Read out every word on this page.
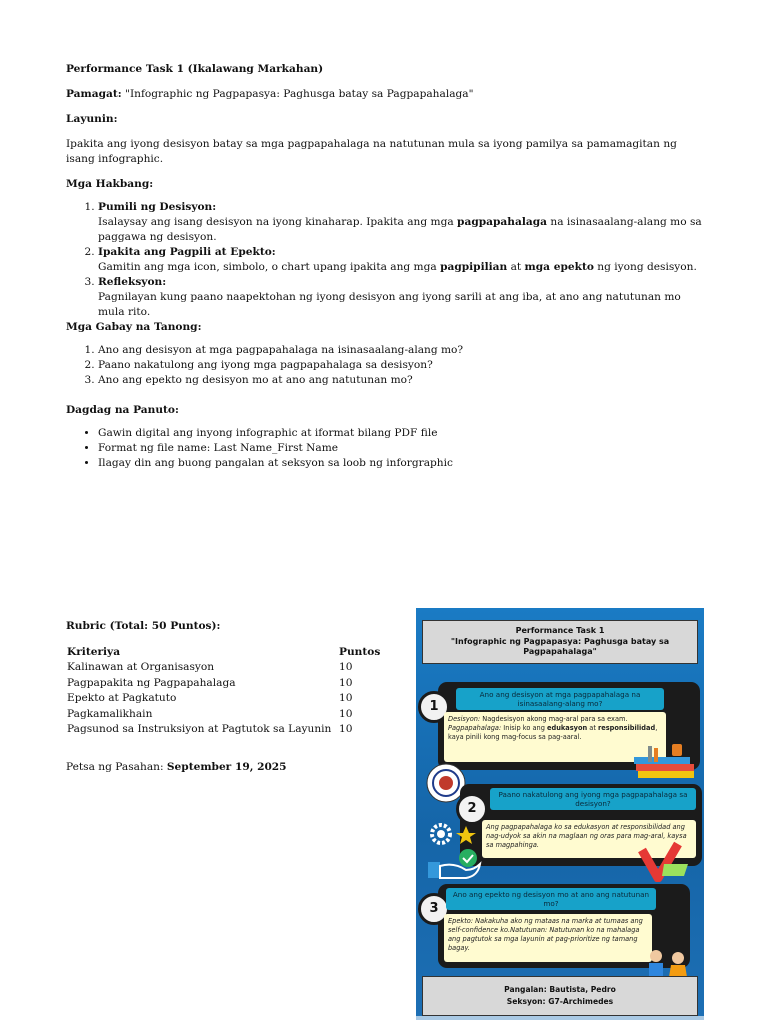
Performance Task 1 (Ikalawang Markahan)

Pamagat: "Infographic ng Pagpapasya: Paghusga batay sa Pagpapahalaga"

Layunin:

Ipakita ang iyong desisyon batay sa mga pagpapahalaga na natutunan mula sa iyong pamilya sa pamamagitan ng isang infographic.

Mga Hakbang:

1. Pumili ng Desisyon:
Isalaysay ang isang desisyon na iyong kinaharap. Ipakita ang mga pagpapahalaga na isinasaalang-alang mo sa paggawa ng desisyon.
2. Ipakita ang Pagpili at Epekto:
Gamitin ang mga icon, simbolo, o chart upang ipakita ang mga pagpipilian at mga epekto ng iyong desisyon.
3. Refleksyon:
Pagnilayan kung paano naapektohan ng iyong desisyon ang iyong sarili at ang iba, at ano ang natutunan mo mula rito.

Mga Gabay na Tanong:

1. Ano ang desisyon at mga pagpapahalaga na isinasaalang-alang mo?
2. Paano nakatulong ang iyong mga pagpapahalaga sa desisyon?
3. Ano ang epekto ng desisyon mo at ano ang natutunan mo?

Dagdag na Panuto:

• Gawin digital ang inyong infographic at iformat bilang PDF file
• Format ng file name: Last Name_First Name
• Ilagay din ang buong pangalan at seksyon sa loob ng inforgraphic

Rubric (Total: 50 Puntos):

Kriteriya	Puntos
Kalinawan at Organisasyon	10
Pagpapakita ng Pagpapahalaga	10
Epekto at Pagkatuto	10
Pagkamalikhain	10
Pagsunod sa Instruksiyon at Pagtutok sa Layunin	10

Petsa ng Pasahan: September 19, 2025

Performance Task 1
"Infographic ng Pagpapasya: Paghusga batay sa Pagpapahalaga"
1
Ano ang desisyon at mga pagpapahalaga na isinasaalang-alang mo?
Desisyon: Nagdesisyon akong mag-aral para sa exam.
Pagpapahalaga: Inisip ko ang edukasyon at responsibilidad, kaya pinili kong mag-focus sa pag-aaral.
2
Paano nakatulong ang iyong mga pagpapahalaga sa desisyon?
Ang pagpapahalaga ko sa edukasyon at responsibilidad ang nag-udyok sa akin na maglaan ng oras para mag-aral, kaysa sa magpahinga.
3
Ano ang epekto ng desisyon mo at ano ang natutunan mo?
Epekto: Nakakuha ako ng mataas na marka at tumaas ang self-confidence ko.Natutunan: Natutunan ko na mahalaga ang pagtutok sa mga layunin at pag-prioritize ng tamang bagay.
Pangalan: Bautista, Pedro
Seksyon: G7-Archimedes
